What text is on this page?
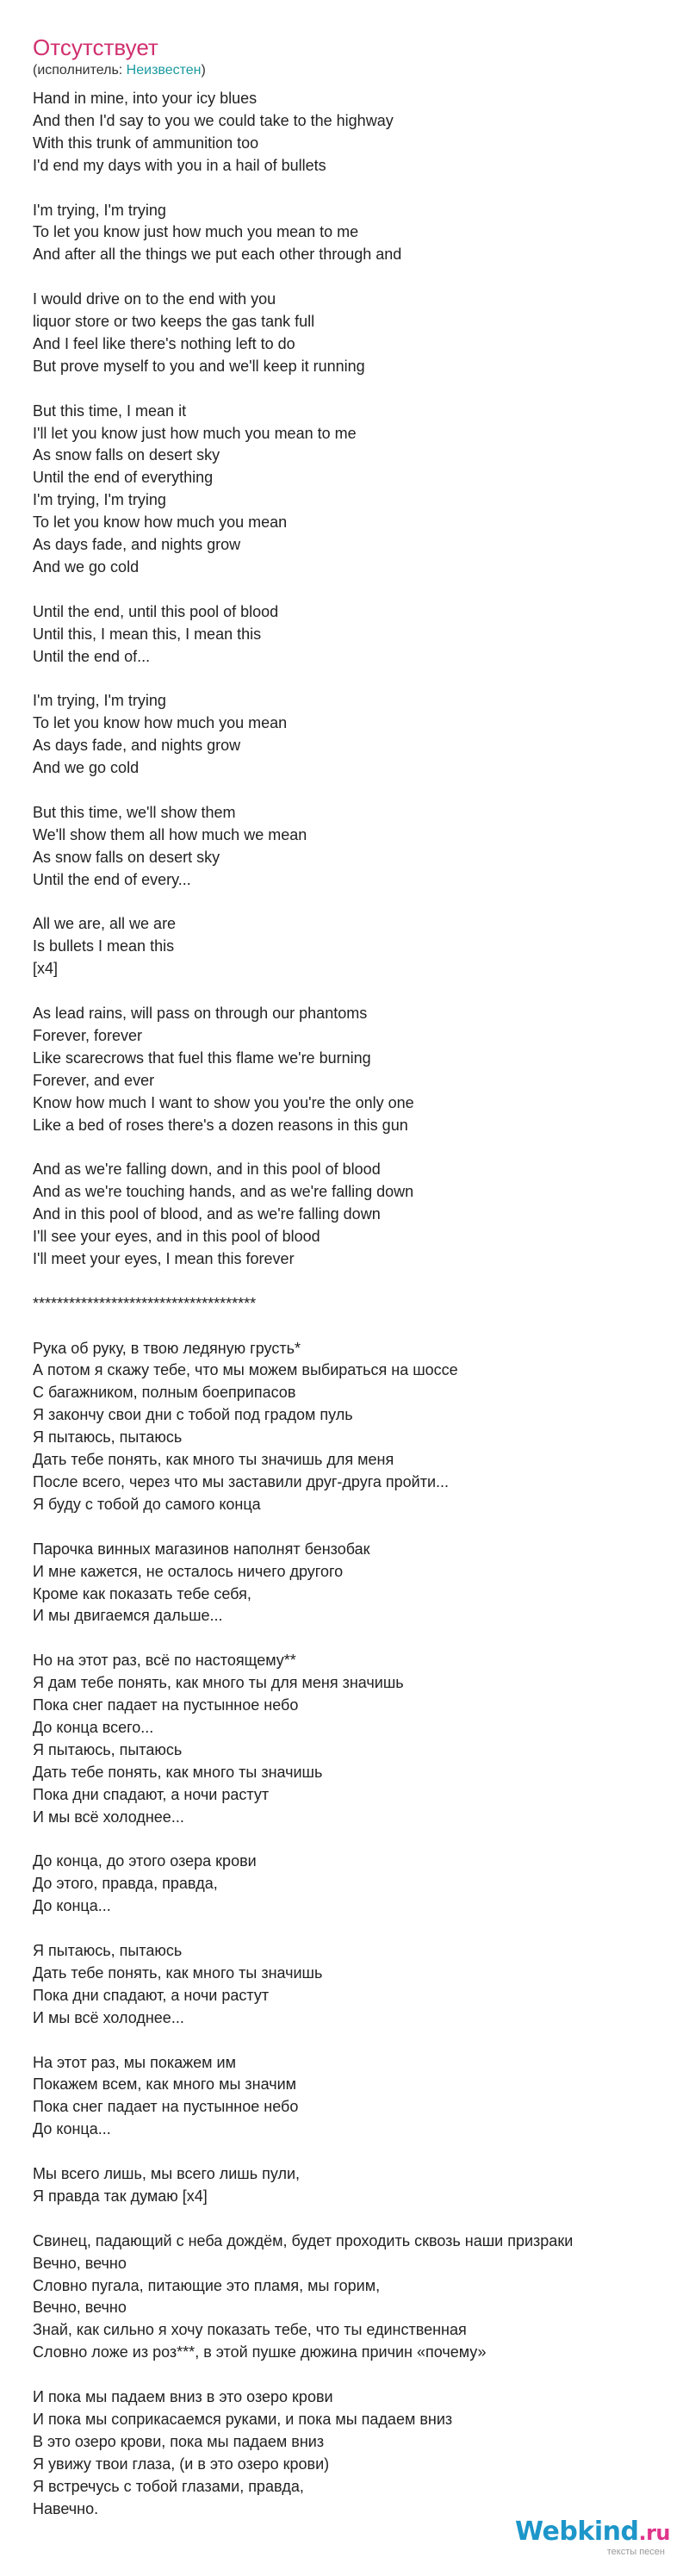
Отсутствует
(исполнитель: Неизвестен)
Hand in mine, into your icy blues
And then I'd say to you we could take to the highway
With this trunk of ammunition too
I'd end my days with you in a hail of bullets
I'm trying, I'm trying
To let you know just how much you mean to me
And after all the things we put each other through and
I would drive on to the end with you
liquor store or two keeps the gas tank full
And I feel like there's nothing left to do
But prove myself to you and we'll keep it running
But this time, I mean it
I'll let you know just how much you mean to me
As snow falls on desert sky
Until the end of everything
I'm trying, I'm trying
To let you know how much you mean
As days fade, and nights grow
And we go cold
Until the end, until this pool of blood
Until this, I mean this, I mean this
Until the end of...
I'm trying, I'm trying
To let you know how much you mean
As days fade, and nights grow
And we go cold
But this time, we'll show them
We'll show them all how much we mean
As snow falls on desert sky
Until the end of every...
All we are, all we are
Is bullets I mean this
[x4]
As lead rains, will pass on through our phantoms
Forever, forever
Like scarecrows that fuel this flame we're burning
Forever, and ever
Know how much I want to show you you're the only one
Like a bed of roses there's a dozen reasons in this gun
And as we're falling down, and in this pool of blood
And as we're touching hands, and as we're falling down
And in this pool of blood, and as we're falling down
I'll see your eyes, and in this pool of blood
I'll meet your eyes, I mean this forever
*************************************
Рука об руку, в твою ледяную грусть*
А потом я скажу тебе, что мы можем выбираться на шоссе
С багажником, полным боеприпасов
Я закончу свои дни с тобой под градом пуль
Я пытаюсь, пытаюсь
Дать тебе понять, как много ты значишь для меня
После всего, через что мы заставили друг-друга пройти...
Я буду с тобой до самого конца
Парочка винных магазинов наполнят бензобак
И мне кажется, не осталось ничего другого
Кроме как показать тебе себя,
И мы двигаемся дальше...
Но на этот раз, всё по настоящему**
Я дам тебе понять, как много ты для меня значишь
Пока снег падает на пустынное небо
До конца всего...
Я пытаюсь, пытаюсь
Дать тебе понять, как много ты значишь
Пока дни спадают, а ночи растут
И мы всё холоднее...
До конца, до этого озера крови
До этого, правда, правда,
До конца...
Я пытаюсь, пытаюсь
Дать тебе понять, как много ты значишь
Пока дни спадают, а ночи растут
И мы всё холоднее...
На этот раз, мы покажем им
Покажем всем, как много мы значим
Пока снег падает на пустынное небо
До конца...
Мы всего лишь, мы всего лишь пули,
Я правда так думаю [x4]
Свинец, падающий с неба дождём, будет проходить сквозь наши призраки
Вечно, вечно
Словно пугала, питающие это пламя, мы горим,
Вечно, вечно
Знай, как сильно я хочу показать тебе, что ты единственная
Словно ложе из роз***, в этой пушке дюжина причин «почему»
И пока мы падаем вниз в это озеро крови
И пока мы соприкасаемся руками, и пока мы падаем вниз
В это озеро крови, пока мы падаем вниз
Я увижу твои глаза, (и в это озеро крови)
Я встречусь с тобой глазами, правда,
Навечно.
Webkind.ru
тексты песен
